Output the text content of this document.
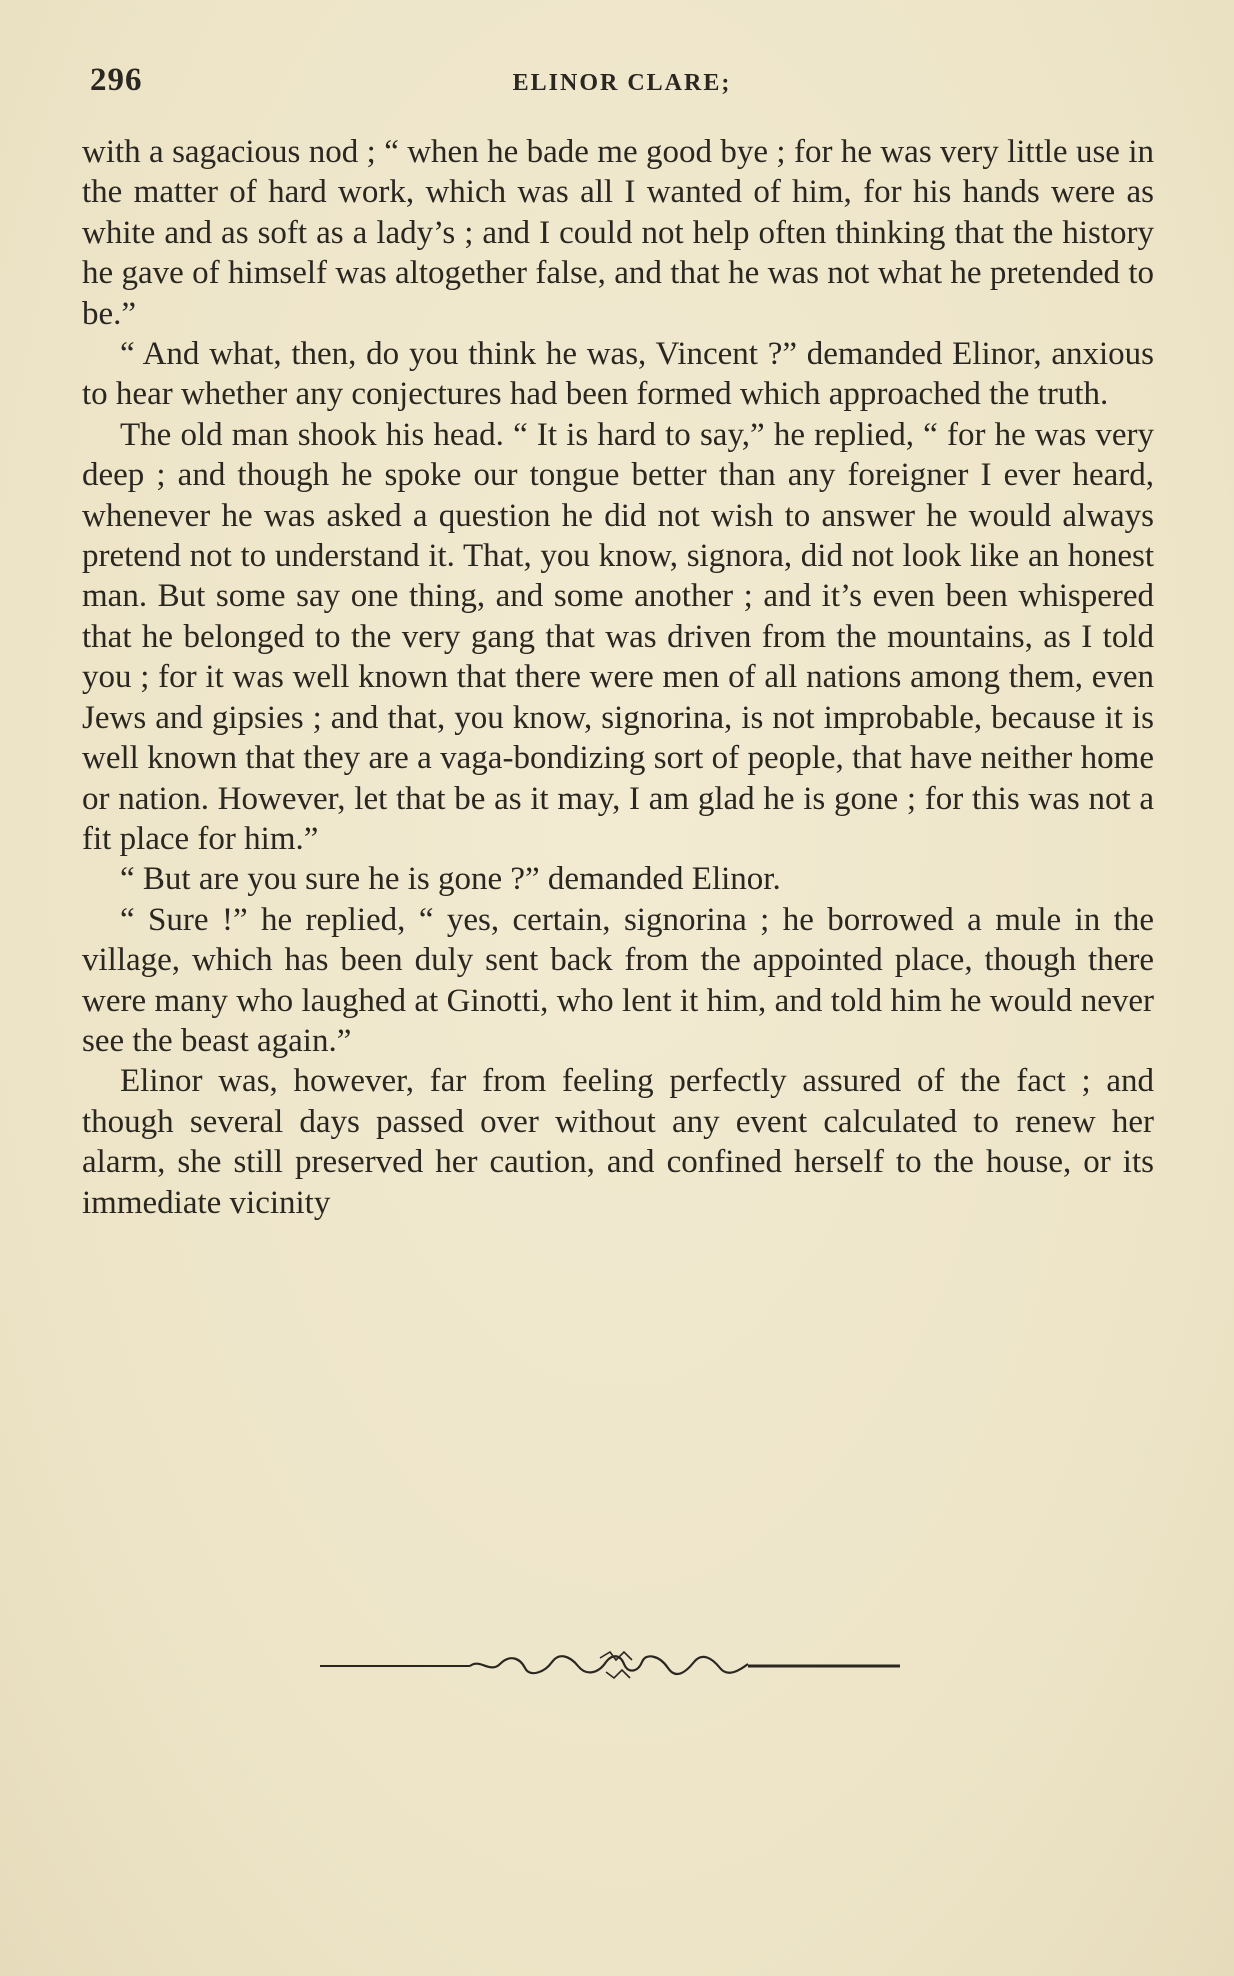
296	ELINOR CLARE;

with a sagacious nod ; “ when he bade me good bye ; for he was very little use in the matter of hard work, which was all I wanted of him, for his hands were as white and as soft as a lady’s ; and I could not help often thinking that the history he gave of himself was altogether false, and that he was not what he pretended to be.”

“ And what, then, do you think he was, Vincent ?” demanded Elinor, anxious to hear whether any conjectures had been formed which approached the truth.

The old man shook his head. “ It is hard to say,” he replied, “ for he was very deep ; and though he spoke our tongue better than any foreigner I ever heard, whenever he was asked a question he did not wish to answer he would always pretend not to understand it. That, you know, signora, did not look like an honest man. But some say one thing, and some another ; and it’s even been whispered that he belonged to the very gang that was driven from the mountains, as I told you ; for it was well known that there were men of all nations among them, even Jews and gipsies ; and that, you know, signorina, is not improbable, because it is well known that they are a vaga-bondizing sort of people, that have neither home or nation. However, let that be as it may, I am glad he is gone ; for this was not a fit place for him.”

“ But are you sure he is gone ?” demanded Elinor.

“ Sure !” he replied, “ yes, certain, signorina ; he borrowed a mule in the village, which has been duly sent back from the appointed place, though there were many who laughed at Ginotti, who lent it him, and told him he would never see the beast again.”

Elinor was, however, far from feeling perfectly assured of the fact ; and though several days passed over without any event calculated to renew her alarm, she still preserved her caution, and confined herself to the house, or its immediate vicinity
